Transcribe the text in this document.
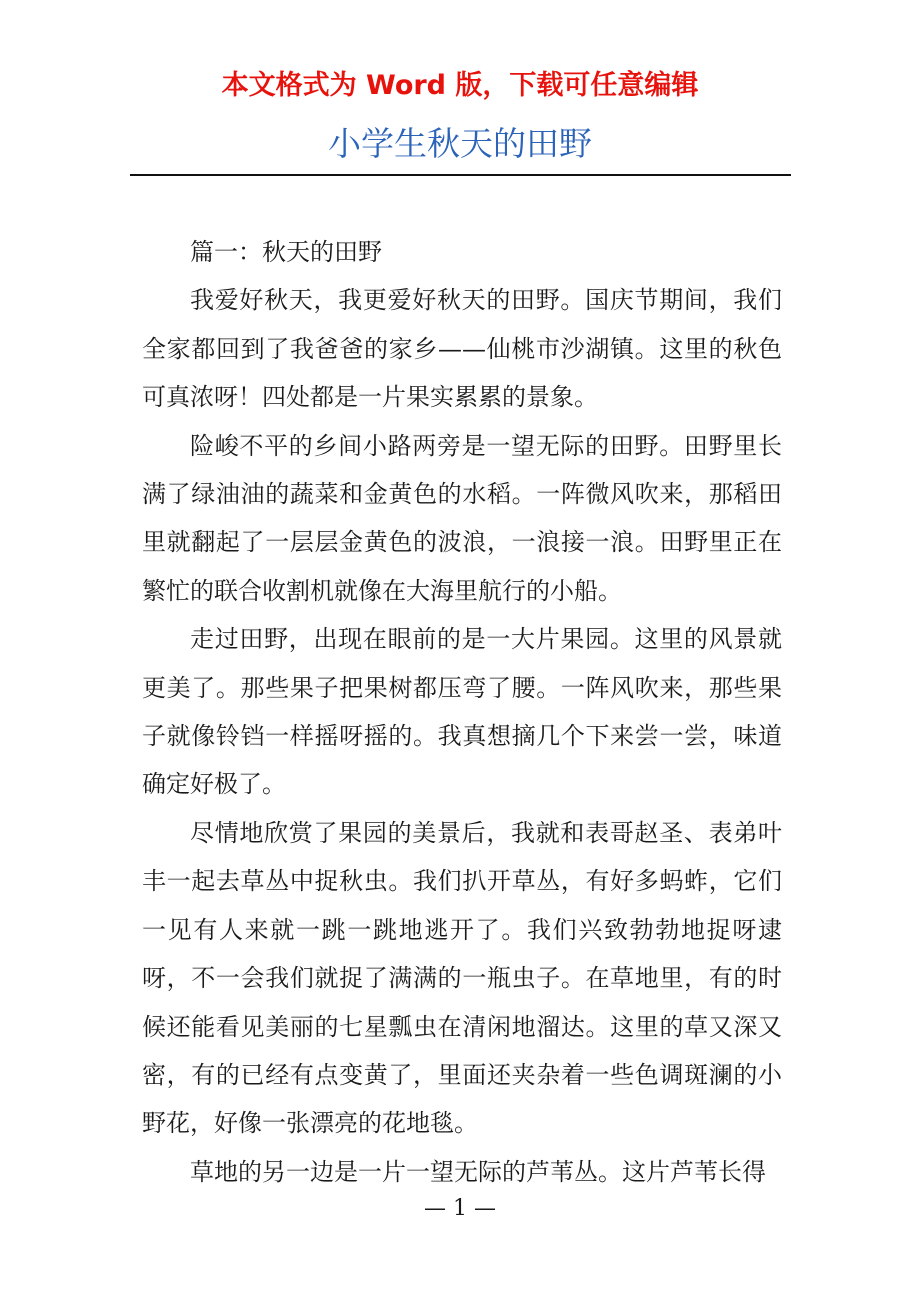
本文格式为 Word 版，下载可任意编辑
小学生秋天的田野
篇一：秋天的田野

我爱好秋天，我更爱好秋天的田野。国庆节期间，我们全家都回到了我爸爸的家乡——仙桃市沙湖镇。这里的秋色可真浓呀！四处都是一片果实累累的景象。

险峻不平的乡间小路两旁是一望无际的田野。田野里长满了绿油油的蔬菜和金黄色的水稻。一阵微风吹来，那稻田里就翻起了一层层金黄色的波浪，一浪接一浪。田野里正在繁忙的联合收割机就像在大海里航行的小船。

走过田野，出现在眼前的是一大片果园。这里的风景就更美了。那些果子把果树都压弯了腰。一阵风吹来，那些果子就像铃铛一样摇呀摇的。我真想摘几个下来尝一尝，味道确定好极了。

尽情地欣赏了果园的美景后，我就和表哥赵圣、表弟叶丰一起去草丛中捉秋虫。我们扒开草丛，有好多蚂蚱，它们一见有人来就一跳一跳地逃开了。我们兴致勃勃地捉呀逮呀，不一会我们就捉了满满的一瓶虫子。在草地里，有的时候还能看见美丽的七星瓢虫在清闲地溜达。这里的草又深又密，有的已经有点变黄了，里面还夹杂着一些色调斑澜的小野花，好像一张漂亮的花地毯。

草地的另一边是一片一望无际的芦苇丛。这片芦苇长得

— 1 —
